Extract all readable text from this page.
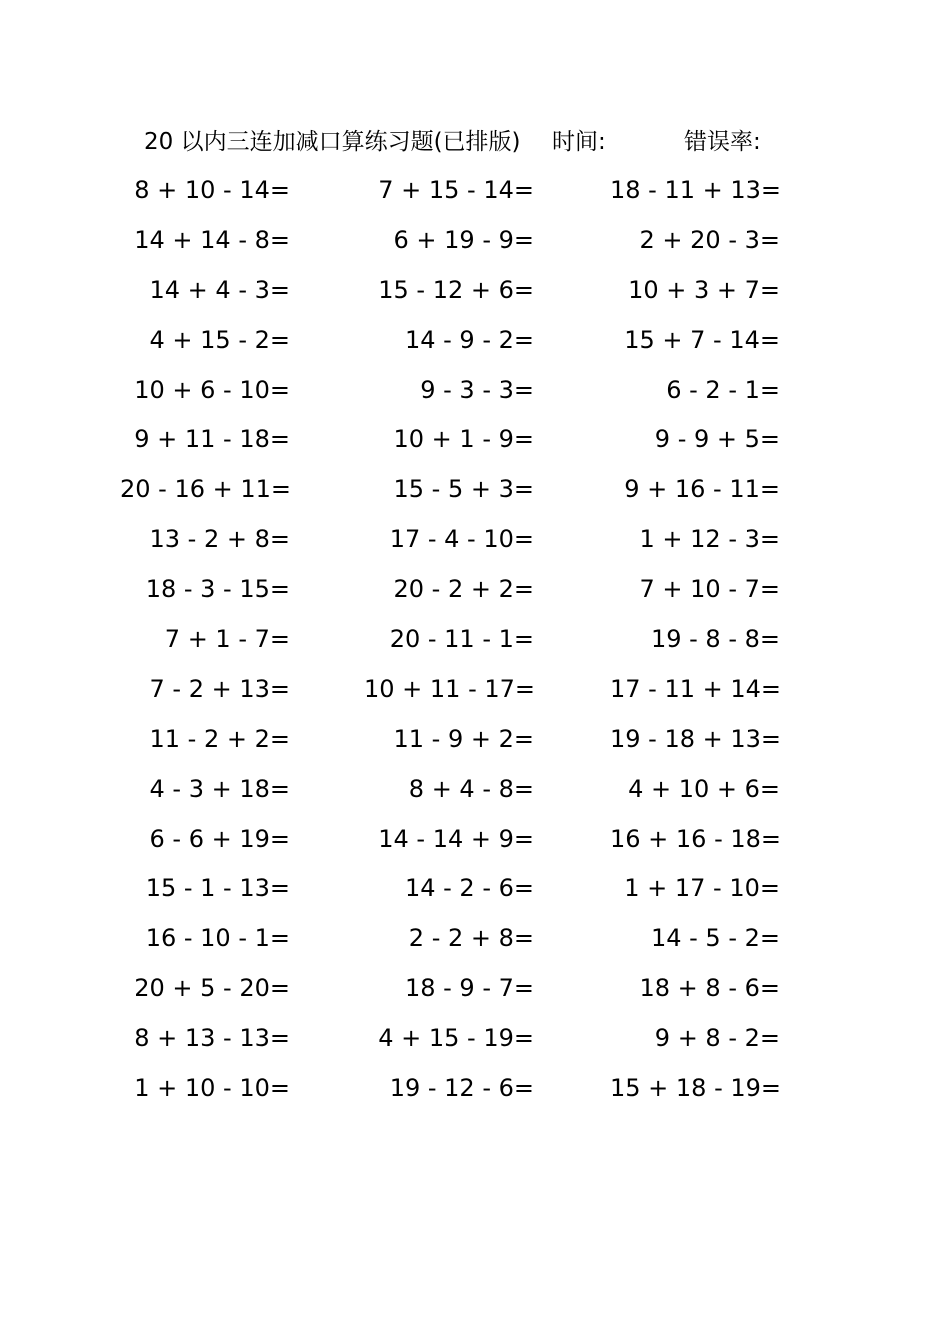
20 以内三连加减口算练习题(已排版) 时间:	错误率:
8 + 10 - 14=	7 + 15 - 14=	18 - 11 + 13=
14 + 14 - 8=	6 + 19 - 9=	2 + 20 - 3=
14 + 4 - 3=	15 - 12 + 6=	10 + 3 + 7=
4 + 15 - 2=	14 - 9 - 2=	15 + 7 - 14=
10 + 6 - 10=	9 - 3 - 3=	6 - 2 - 1=
9 + 11 - 18=	10 + 1 - 9=	9 - 9 + 5=
20 - 16 + 11=	15 - 5 + 3=	9 + 16 - 11=
13 - 2 + 8=	17 - 4 - 10=	1 + 12 - 3=
18 - 3 - 15=	20 - 2 + 2=	7 + 10 - 7=
7 + 1 - 7=	20 - 11 - 1=	19 - 8 - 8=
7 - 2 + 13=	10 + 11 - 17=	17 - 11 + 14=
11 - 2 + 2=	11 - 9 + 2=	19 - 18 + 13=
4 - 3 + 18=	8 + 4 - 8=	4 + 10 + 6=
6 - 6 + 19=	14 - 14 + 9=	16 + 16 - 18=
15 - 1 - 13=	14 - 2 - 6=	1 + 17 - 10=
16 - 10 - 1=	2 - 2 + 8=	14 - 5 - 2=
20 + 5 - 20=	18 - 9 - 7=	18 + 8 - 6=
8 + 13 - 13=	4 + 15 - 19=	9 + 8 - 2=
1 + 10 - 10=	19 - 12 - 6=	15 + 18 - 19=
